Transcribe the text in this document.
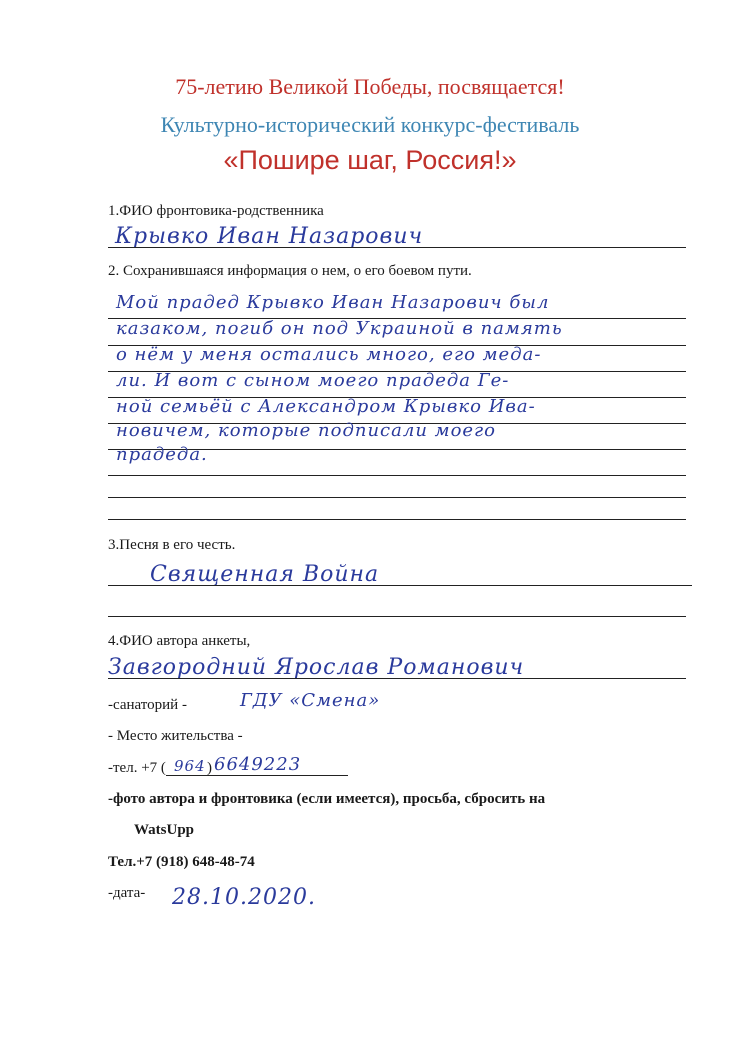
75-летию Великой Победы, посвящается!
Культурно-исторический конкурс-фестиваль
«Пошире шаг, Россия!»
1.ФИО фронтовика-родственника
Крывко Иван Назарович
2. Сохранившаяся информация о нем, о его боевом пути.
Мой прадед Крывко Иван Назарович был
казаком, погиб он под Украиной в память
о нём у меня остались много, его меда-
ли. И вот с сыном моего прадеда Ге-
ной семьёй с Александром Крывко Ива-
новичем, которые подписали моего
прадеда.
3.Песня в его честь.
Священная Война
4.ФИО автора анкеты,
Завгородний Ярослав Романович
-санаторий -	ГДУ «Смена»
- Место жительства -
-тел. +7 ( 964 ) 6649223
-фото автора и фронтовика (если имеется), просьба, сбросить на
WatsUpp
Тел.+7 (918) 648-48-74
-дата- 28.10.2020.
